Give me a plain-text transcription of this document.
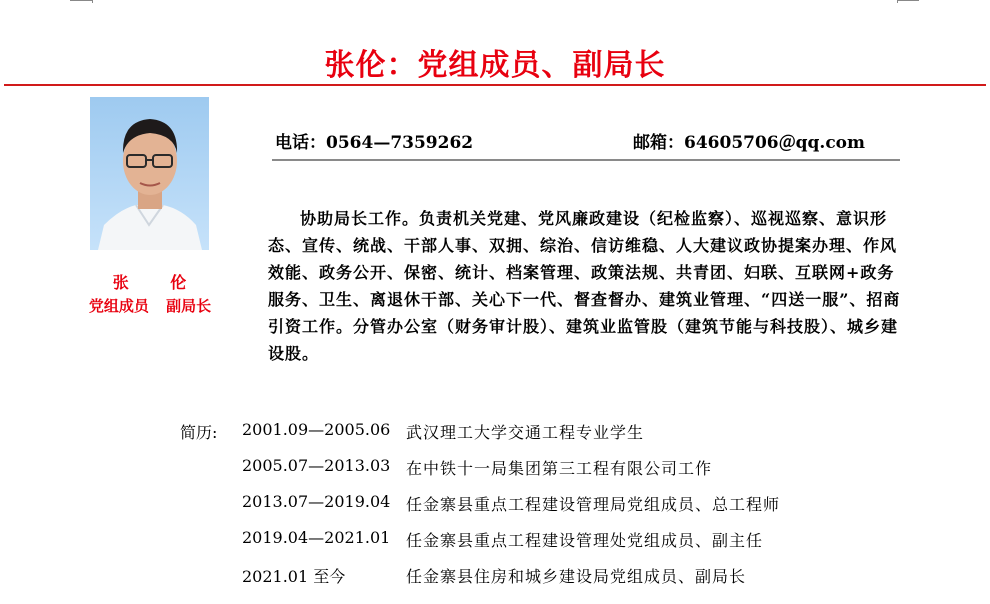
张伦：党组成员、副局长
张 伦
党组成员 副局长
电话：0564—7359262	邮箱：64605706＠qq.com
协助局长工作。负责机关党建、党风廉政建设（纪检监察）、巡视巡察、意识形态、宣传、统战、干部人事、双拥、综治、信访维稳、人大建议政协提案办理、作风效能、政务公开、保密、统计、档案管理、政策法规、共青团、妇联、互联网+政务服务、卫生、离退休干部、关心下一代、督查督办、建筑业管理、“四送一服”、招商引资工作。分管办公室（财务审计股）、建筑业监管股（建筑节能与科技股）、城乡建设股。
简历:	2001.09—2005.06 武汉理工大学交通工程专业学生
2005.07—2013.03 在中铁十一局集团第三工程有限公司工作
2013.07—2019.04 任金寨县重点工程建设管理局党组成员、总工程师
2019.04—2021.01 任金寨县重点工程建设管理处党组成员、副主任
2021.01 至今	任金寨县住房和城乡建设局党组成员、副局长
